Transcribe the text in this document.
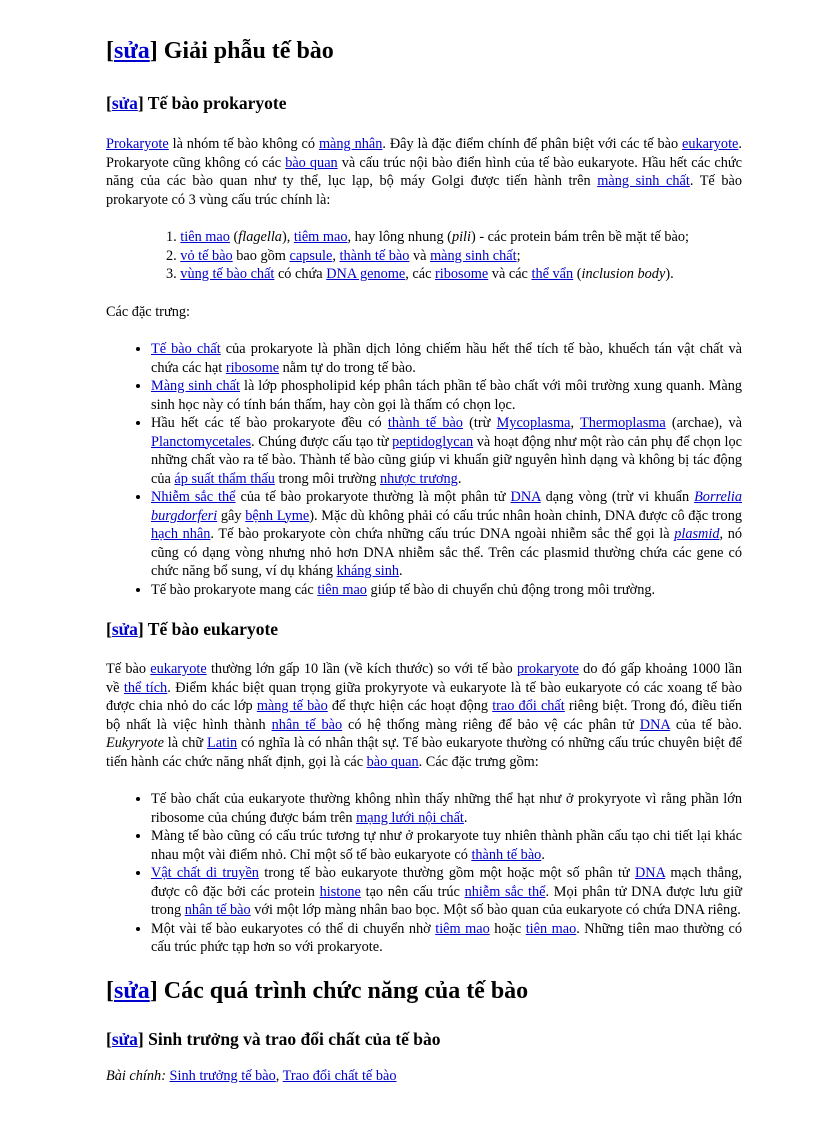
[sửa] Giải phẫu tế bào
[sửa] Tế bào prokaryote

Prokaryote là nhóm tế bào không có màng nhân. Đây là đặc điểm chính để phân biệt với các tế bào eukaryote. Prokaryote cũng không có các bào quan và cấu trúc nội bào điển hình của tế bào eukaryote. Hầu hết các chức năng của các bào quan như ty thể, lục lạp, bộ máy Golgi được tiến hành trên màng sinh chất. Tế bào prokaryote có 3 vùng cấu trúc chính là:

1. tiên mao (flagella), tiêm mao, hay lông nhung (pili) - các protein bám trên bề mặt tế bào;
2. vỏ tế bào bao gồm capsule, thành tế bào và màng sinh chất;
3. vùng tế bào chất có chứa DNA genome, các ribosome và các thể vẩn (inclusion body).

Các đặc trưng:

• Tế bào chất của prokaryote là phần dịch lỏng chiếm hầu hết thể tích tế bào, khuếch tán vật chất và chứa các hạt ribosome nằm tự do trong tế bào.
• Màng sinh chất là lớp phospholipid kép phân tách phần tế bào chất với môi trường xung quanh. Màng sinh học này có tính bán thấm, hay còn gọi là thấm có chọn lọc.
• Hầu hết các tế bào prokaryote đều có thành tế bào (trừ Mycoplasma, Thermoplasma (archae), và Planctomycetales. Chúng được cấu tạo từ peptidoglycan và hoạt động như một rào cản phụ để chọn lọc những chất vào ra tế bào. Thành tế bào cũng giúp vi khuẩn giữ nguyên hình dạng và không bị tác động của áp suất thẩm thấu trong môi trường nhược trương.
• Nhiễm sắc thể của tế bào prokaryote thường là một phân tử DNA dạng vòng (trừ vi khuẩn Borrelia burgdorferi gây bệnh Lyme). Mặc dù không phải có cấu trúc nhân hoàn chỉnh, DNA được cô đặc trong hạch nhân. Tế bào prokaryote còn chứa những cấu trúc DNA ngoài nhiễm sắc thể gọi là plasmid, nó cũng có dạng vòng nhưng nhỏ hơn DNA nhiễm sắc thể. Trên các plasmid thường chứa các gene có chức năng bổ sung, ví dụ kháng kháng sinh.
• Tế bào prokaryote mang các tiên mao giúp tế bào di chuyển chủ động trong môi trường.
[sửa] Tế bào eukaryote

Tế bào eukaryote thường lớn gấp 10 lần (về kích thước) so với tế bào prokaryote do đó gấp khoảng 1000 lần về thể tích. Điểm khác biệt quan trọng giữa prokyryote và eukaryote là tế bào eukaryote có các xoang tế bào được chia nhỏ do các lớp màng tế bào để thực hiện các hoạt động trao đổi chất riêng biệt. Trong đó, điều tiến bộ nhất là việc hình thành nhân tế bào có hệ thống màng riêng để bảo vệ các phân tử DNA của tế bào. Eukyryote là chữ Latin có nghĩa là có nhân thật sự. Tế bào eukaryote thường có những cấu trúc chuyên biệt để tiến hành các chức năng nhất định, gọi là các bào quan. Các đặc trưng gồm:

• Tế bào chất của eukaryote thường không nhìn thấy những thể hạt như ở prokyryote vì rằng phần lớn ribosome của chúng được bám trên mạng lưới nội chất.
• Màng tế bào cũng có cấu trúc tương tự như ở prokaryote tuy nhiên thành phần cấu tạo chi tiết lại khác nhau một vài điểm nhỏ. Chỉ một số tế bào eukaryote có thành tế bào.
• Vật chất di truyền trong tế bào eukaryote thường gồm một hoặc một số phân tử DNA mạch thẳng, được cô đặc bởi các protein histone tạo nên cấu trúc nhiễm sắc thể. Mọi phân tử DNA được lưu giữ trong nhân tế bào với một lớp màng nhân bao bọc. Một số bào quan của eukaryote có chứa DNA riêng.
• Một vài tế bào eukaryotes có thể di chuyển nhờ tiêm mao hoặc tiên mao. Những tiên mao thường có cấu trúc phức tạp hơn so với prokaryote.
[sửa] Các quá trình chức năng của tế bào
[sửa] Sinh trưởng và trao đổi chất của tế bào

Bài chính: Sinh trưởng tế bào, Trao đổi chất tế bào
